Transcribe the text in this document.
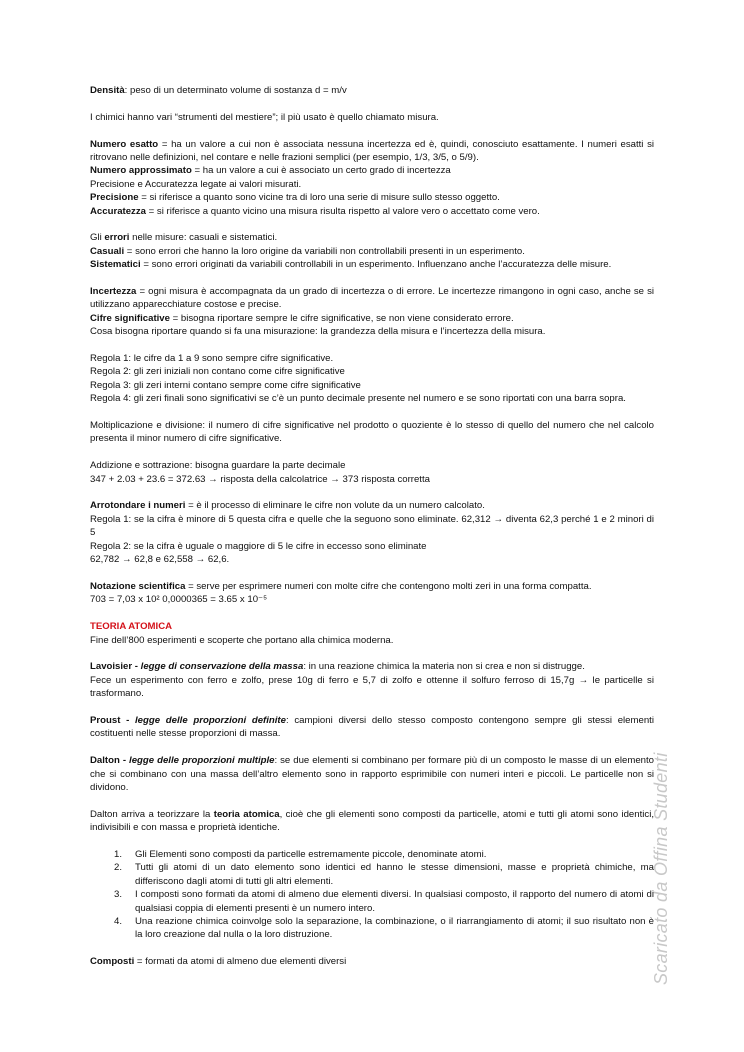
Densità: peso di un determinato volume di sostanza d = m/v

I chimici hanno vari “strumenti del mestiere”; il più usato è quello chiamato misura.

Numero esatto = ha un valore a cui non è associata nessuna incertezza ed è, quindi, conosciuto esattamente. I numeri esatti si ritrovano nelle definizioni, nel contare e nelle frazioni semplici (per esempio, 1/3, 3/5, o 5/9).

Numero approssimato = ha un valore a cui è associato un certo grado di incertezza

Precisione e Accuratezza legate ai valori misurati.

Precisione = si riferisce a quanto sono vicine tra di loro una serie di misure sullo stesso oggetto.

Accuratezza = si riferisce a quanto vicino una misura risulta rispetto al valore vero o accettato come vero.

Gli errori nelle misure: casuali e sistematici.

Casuali = sono errori che hanno la loro origine da variabili non controllabili presenti in un esperimento.

Sistematici = sono errori originati da variabili controllabili in un esperimento. Influenzano anche l’accuratezza delle misure.

Incertezza = ogni misura è accompagnata da un grado di incertezza o di errore. Le incertezze rimangono in ogni caso, anche se si utilizzano apparecchiature costose e precise.

Cifre significative = bisogna riportare sempre le cifre significative, se non viene considerato errore.

Cosa bisogna riportare quando si fa una misurazione: la grandezza della misura e l’incertezza della misura.

Regola 1: le cifre da 1 a 9 sono sempre cifre significative.

Regola 2: gli zeri iniziali non contano come cifre significative

Regola 3: gli zeri interni contano sempre come cifre significative

Regola 4: gli zeri finali sono significativi se c’è un punto decimale presente nel numero e se sono riportati con una barra sopra.

Moltiplicazione e divisione: il numero di cifre significative nel prodotto o quoziente è lo stesso di quello del numero che nel calcolo presenta il minor numero di cifre significative.

Addizione e sottrazione: bisogna guardare la parte decimale

347 + 2.03 + 23.6 = 372.63 → risposta della calcolatrice → 373 risposta corretta

Arrotondare i numeri = è il processo di eliminare le cifre non volute da un numero calcolato.

Regola 1: se la cifra è minore di 5 questa cifra e quelle che la seguono sono eliminate. 62,312 → diventa 62,3 perché 1 e 2 minori di 5

Regola 2: se la cifra è uguale o maggiore di 5 le cifre in eccesso sono eliminate

62,782 → 62,8 e 62,558 → 62,6.

Notazione scientifica = serve per esprimere numeri con molte cifre che contengono molti zeri in una forma compatta.

703 = 7,03 x 10² 0,0000365 = 3.65 x 10⁻⁵

TEORIA ATOMICA

Fine dell’800 esperimenti e scoperte che portano alla chimica moderna.

Lavoisier - legge di conservazione della massa: in una reazione chimica la materia non si crea e non si distrugge.

Fece un esperimento con ferro e zolfo, prese 10g di ferro e 5,7 di zolfo e ottenne il solfuro ferroso di 15,7g → le particelle si trasformano.

Proust - legge delle proporzioni definite: campioni diversi dello stesso composto contengono sempre gli stessi elementi costituenti nelle stesse proporzioni di massa.

Dalton - legge delle proporzioni multiple: se due elementi si combinano per formare più di un composto le masse di un elemento che si combinano con una massa dell’altro elemento sono in rapporto esprimibile con numeri interi e piccoli. Le particelle non si dividono.

Dalton arriva a teorizzare la teoria atomica, cioè che gli elementi sono composti da particelle, atomi e tutti gli atomi sono identici, indivisibili e con massa e proprietà identiche.

1. Gli Elementi sono composti da particelle estremamente piccole, denominate atomi.
2. Tutti gli atomi di un dato elemento sono identici ed hanno le stesse dimensioni, masse e proprietà chimiche, ma differiscono dagli atomi di tutti gli altri elementi.
3. I composti sono formati da atomi di almeno due elementi diversi. In qualsiasi composto, il rapporto del numero di atomi di qualsiasi coppia di elementi presenti è un numero intero.
4. Una reazione chimica coinvolge solo la separazione, la combinazione, o il riarrangiamento di atomi; il suo risultato non è la loro creazione dal nulla o la loro distruzione.

Composti = formati da atomi di almeno due elementi diversi	Scaricato da Offina Studenti
